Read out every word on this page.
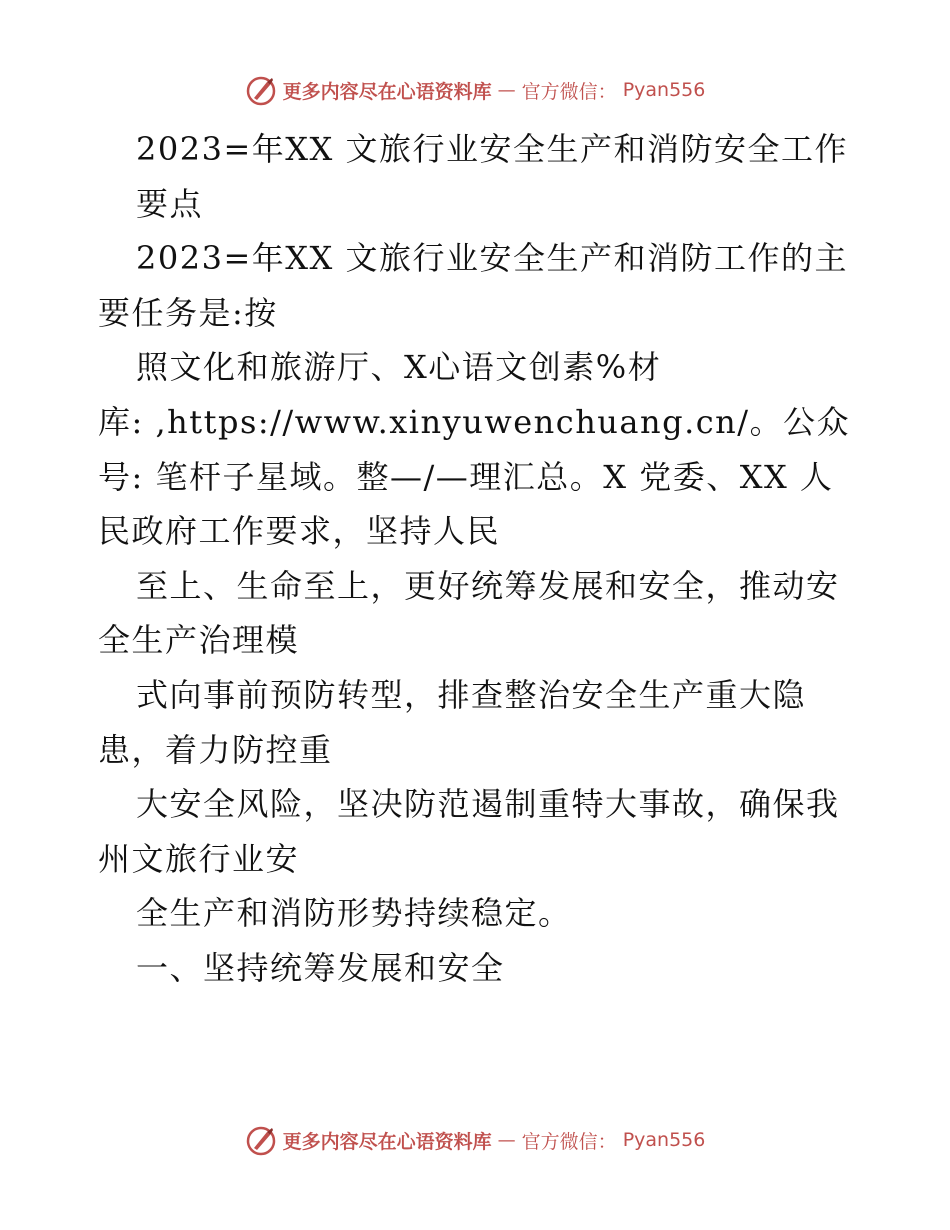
更多内容尽在心语资料库 — 官方微信： Pyan556
2023=年XX 文旅行业安全生产和消防安全工作
要点
2023=年XX 文旅行业安全生产和消防工作的主
要任务是:按
照文化和旅游厅、X心语文创素%材
库: ,https://www.xinyuwenchuang.cn/。公众
号: 笔杆子星域。整—/—理汇总。X 党委、XX 人
民政府工作要求，坚持人民
至上、生命至上，更好统筹发展和安全，推动安
全生产治理模
式向事前预防转型，排查整治安全生产重大隐
患，着力防控重
大安全风险，坚决防范遏制重特大事故，确保我
州文旅行业安
全生产和消防形势持续稳定。
一、坚持统筹发展和安全
更多内容尽在心语资料库 — 官方微信： Pyan556
